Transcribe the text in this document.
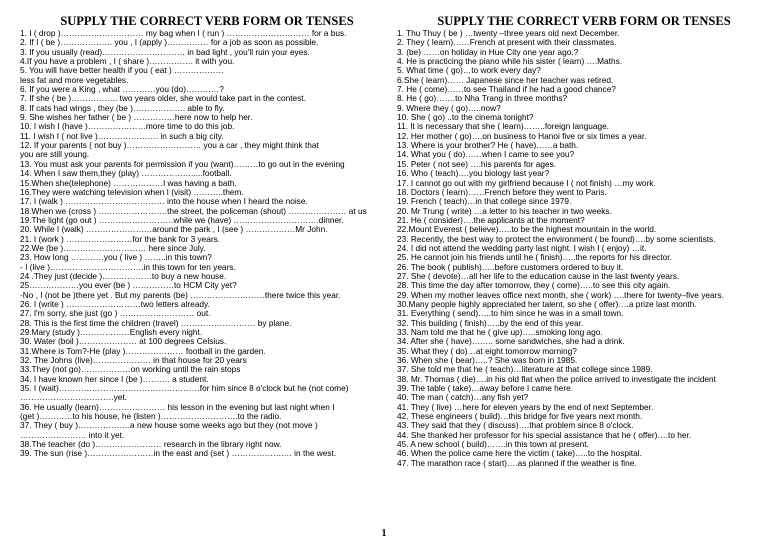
SUPPLY THE CORRECT VERB FORM OR TENSES
1. I ( drop )………………………… my bag when I ( run ) ………………………… for a bus.
2. If I ( be )………………. you , I (apply )…………… for a job as soon as possible.
3. If you usually (read)………………………… in bad light , you'll ruin your eyes.
4.If you have a problem , I ( share )……………. it with you.
5. You will have better health if you ( eat ) ………………
less fat and more vegetables.
6. If you were a King , what …………you (do)…………?
7. If she ( be )…………….. two years older, she would take part in the contest.
8. If cats had wings , they (be )………………. able to fly.
9. She wishes her father ( be ) ……………here now to help her.
10. I wish I (have )…………………more time to do this job.
11. I wish I ( not live )…………………. in such a big city.
12. If your parents ( not buy )……………………… you a car , they might think that
you are still young.
13. You must ask your parents for permission if you (want)………to go out in the evening
14. When I saw them,they (play) ……………….....football.
15.When she(telephone) ………………I was having a bath.
16.They were watching television when I (visit) ………..them.
17. I (walk ) ……………………………… into the house when I heard the noise.
18.When we (cross ) …………………….the street, the policeman (shout) ………………… at us
19.The light (go out ) ………………………while we (have) ………………………….dinner.
20. While I (walk) ……………………around the park , I (see ) ………………Mr John.
21. I (work ) ……………………for the bank for 3 years.
22.We (be )………………………… here since July.
23. How long …………you ( live ) ……..in this town?
- I (live )…………………………….in this town for ten years.
24 .They just (decide )………………to buy a new house.
25………………you ever (be ) ……………to HCM City yet?
-No , I (not be )there yet . But my parents (be) ………………………there twice this year.
26. I (write ) ………………………two letters already.
27. I'm sorry, she just (go ) ……………………… out.
28. This is the first time the children (travel) ……………………… by plane.
29.Mary (study )………………English every night.
30. Water (boil )………………… at 100 degrees Celsius.
31.Where is Tom?-He (play )………………… football in the garden.
32. The Johns (live)………………… in that house for 20 years
33.They (not go)………………on working until the rain stops
34. I have known her since I (be )………. a student.
35. I (wait)……………………………………………for him since 8 o'clock but he (not come)
…………………………….yet.
36. He usually (learn)…………………… his lesson in the evening but last night when I
(get )…………to his house, he (listen )……………………….to the radio.
37. They ( buy )……………….a new house some weeks ago but they (not move )
…………………… into it yet.
38.The teacher (do )…………………… research in the library right now.
39. The sun (rise )……………………in the east and (set ) ……………….… in the west.
SUPPLY THE CORRECT VERB FORM OR TENSES
1. Thu Thuy ( be ) …twenty –three years old next December.
2. They ( learn)……French at present with their classmates.
3. (be) ……on holiday in Hue City one year ago.?
4. He is practicing the piano while his sister ( learn) ….Maths.
5. What time ( go)…to work every day?
6.She ( learn)…… Japanese since her teacher was retired.
7. He ( come)……to see Thailand if he had a good chance?
8. He ( go)…….to Nha Trang in three months?
9. Where they ( go)…..now?
10. She ( go) ..to the cinema tonight?
11. It is necessary that she ( learn)……..foreign language.
12. Her mother ( go)….on business to Hanoi five or six times a year.
13. Where is your brother? He ( have)……a bath.
14. What you ( do)……when I came to see you?
15. Peter ( not see) ….his parents for ages.
16. Who ( teach)….you biology last year?
17. I cannot go out with my girlfriend because I ( not finish) …my work.
18. Doctors ( learn)……French before they went to Paris.
19. French ( teach)…in that college since 1979.
20. Mr Trung ( write) …a letter to his teacher in two weeks.
21. He ( consider)….the applicants at the moment?
22.Mount Everest ( believe)…..to be the highest mountain in the world.
23. Recently, the best way to protect the environment ( be found)….by some scientists.
24. I did not attend the wedding party last night. I wish I ( enjoy) …it.
25. He cannot join his friends until he ( finish)…..the reports for his director.
26. The book ( publish)…..before customers ordered to buy it.
27. She ( devote)…all her life to the education cause in the last twenty years.
28. This time the day after tomorrow, they ( come)…..to see this city again.
29. When my mother leaves office next month, she ( work) ….there for twenty–five years.
30.Many people highly appreciated her talent, so she ( offer)….a prize last month.
31. Everything ( send)…..to him since he was in a small town.
32. This building ( finish)…..by the end of this year.
33. Nam told me that he ( give up)…..smoking long ago.
34. After she ( have)…….. some sandwiches, she had a drink.
35. What they ( do)…at eight tomorrow morning?
36. When she ( bear)…..? She was born in 1985.
37. She told me that he ( teach)…literature at that college since 1989.
38. Mr. Thomas ( die)….in his old flat when the police arrived to investigate the incident
39. The table ( take)…away before I came here.
40. The man ( catch)…any fish yet?
41. They ( live) …here for eleven years by the end of next September.
42. These engineers ( build)…this bridge for five years next month.
43. They said that they ( discuss)….that problem since 8 o'clock.
44. She thanked her professor for his special assistance that he ( offer)….to her.
45. A new school ( build)…….in this town at present.
46. When the police came here the victim ( take)…..to the hospital.
47. The marathon race ( start)….as planned if the weather is fine.
1
